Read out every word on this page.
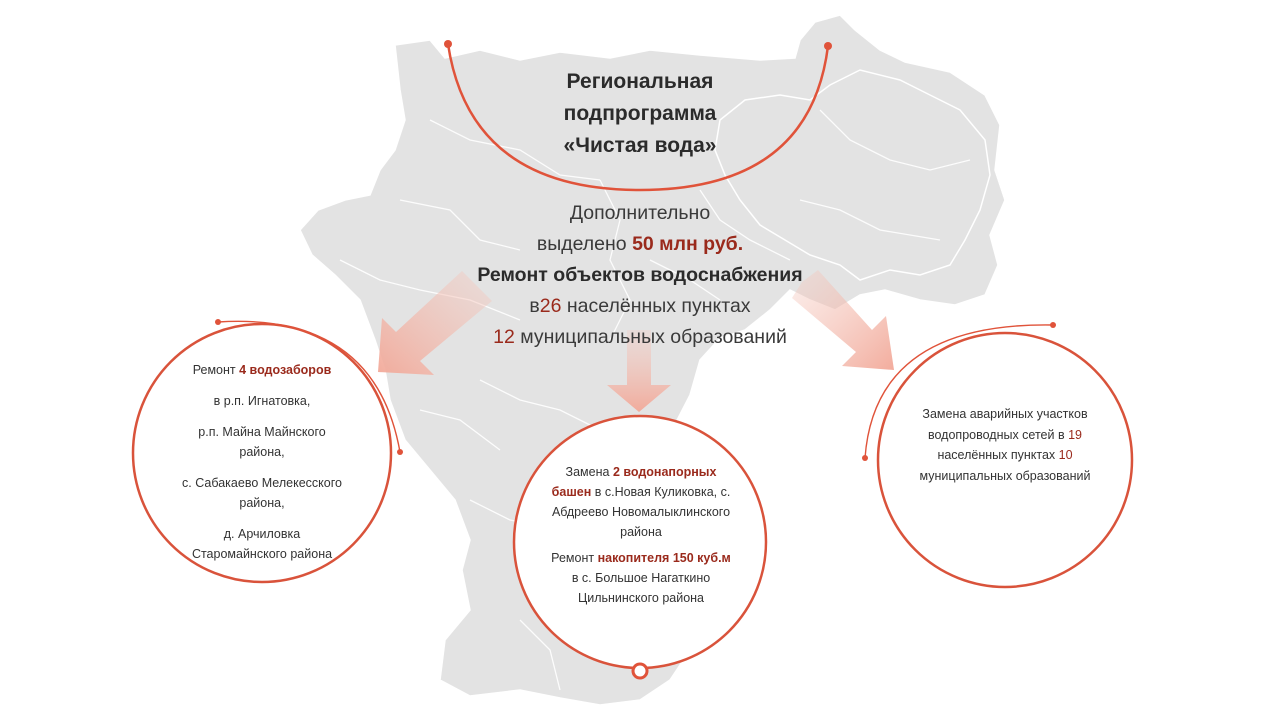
Региональная
подпрограмма
«Чистая вода»
Дополнительно
выделено 50 млн руб.
Ремонт объектов водоснабжения
в26 населённых пунктах
12 муниципальных образований

Ремонт 4 водозаборов

в р.п. Игнатовка,

р.п. Майна Майнского района,

с. Сабакаево Мелекесского района,

д. Арчиловка Старомайнского района

Замена 2 водонапорных башен в с.Новая Куликовка, с. Абдреево Новомалыклинского района

Ремонт накопителя 150 куб.м в с. Большое Нагаткино Цильнинского района

Замена аварийных участков водопроводных сетей в 19 населённых пунктах 10 муниципальных образований
